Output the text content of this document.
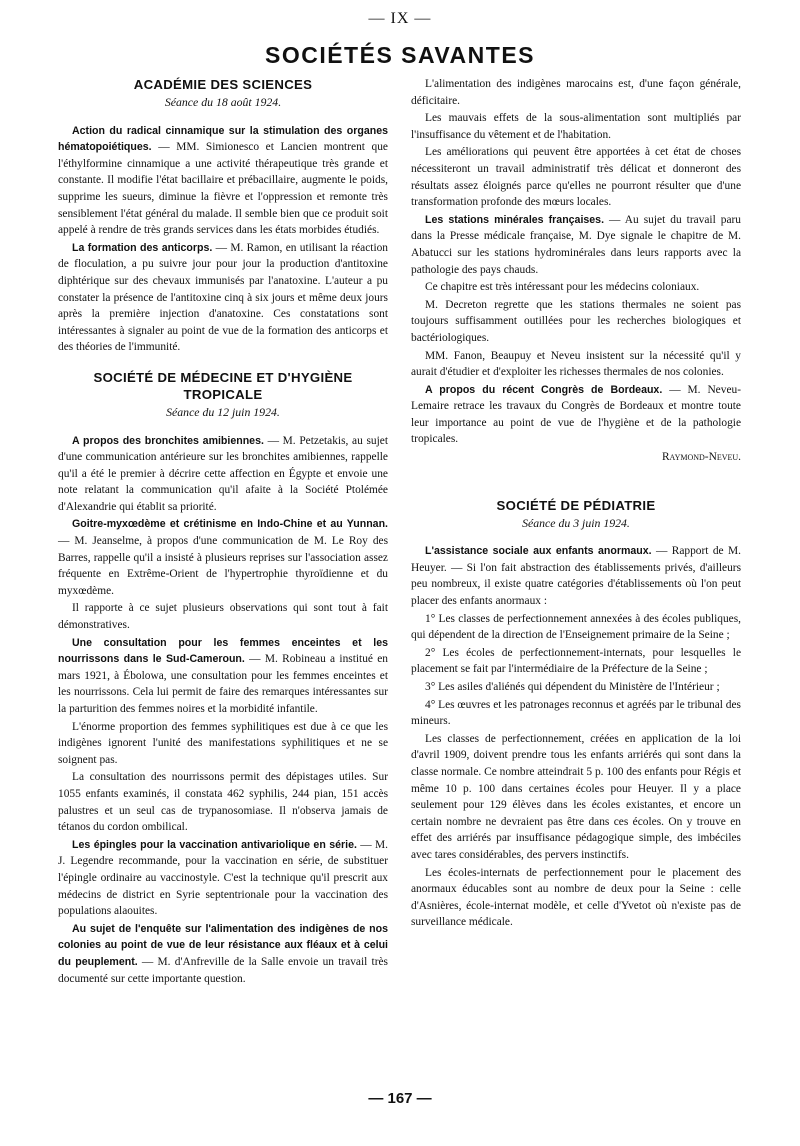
— IX —
SOCIÉTÉS SAVANTES
ACADÉMIE DES SCIENCES
Séance du 18 août 1924.

Action du radical cinnamique sur la stimulation des organes hématopoiétiques. — MM. Simionesco et Lancien montrent que l'éthylformine cinnamique a une activité thérapeutique très grande et constante. Il modifie l'état bacillaire et prébacillaire, augmente le poids, supprime les sueurs, diminue la fièvre et l'oppression et remonte très sensiblement l'état général du malade. Il semble bien que ce produit soit appelé à rendre de très grands services dans les états morbides étudiés.

La formation des anticorps. — M. Ramon, en utilisant la réaction de floculation, a pu suivre jour pour jour la production d'antitoxine diphtérique sur des chevaux immunisés par l'anatoxine. L'auteur a pu constater la présence de l'antitoxine cinq à six jours et même deux jours après la première injection d'anatoxine. Ces constatations sont intéressantes à signaler au point de vue de la formation des anticorps et des théories de l'immunité.

SOCIÉTÉ DE MÉDECINE ET D'HYGIÈNE TROPICALE
Séance du 12 juin 1924.

A propos des bronchites amibiennes. — M. Petzetakis, au sujet d'une communication antérieure sur les bronchites amibiennes, rappelle qu'il a été le premier à décrire cette affection en Égypte et envoie une note relatant la communication qu'il afaite à la Société Ptolémée d'Alexandrie qui établit sa priorité.

Goitre-myxœdème et crétinisme en Indo-Chine et au Yunnan. — M. Jeanselme, à propos d'une communication de M. Le Roy des Barres, rappelle qu'il a insisté à plusieurs reprises sur l'association assez fréquente en Extrême-Orient de l'hypertrophie thyroïdienne et du myxœdème.

Il rapporte à ce sujet plusieurs observations qui sont tout à fait démonstratives.

Une consultation pour les femmes enceintes et les nourrissons dans le Sud-Cameroun. — M. Robineau a institué en mars 1921, à Ébolowa, une consultation pour les femmes enceintes et les nourrissons. Cela lui permit de faire des remarques intéressantes sur la parturition des femmes noires et la morbidité infantile.

L'énorme proportion des femmes syphilitiques est due à ce que les indigènes ignorent l'unité des manifestations syphilitiques et ne se soignent pas.

La consultation des nourrissons permit des dépistages utiles. Sur 1055 enfants examinés, il constata 462 syphilis, 244 pian, 151 accès palustres et un seul cas de trypanosomiase. Il n'observa jamais de tétanos du cordon ombilical.

Les épingles pour la vaccination antivariolique en série. — M. J. Legendre recommande, pour la vaccination en série, de substituer l'épingle ordinaire au vaccinostyle. C'est la technique qu'il prescrit aux médecins de district en Syrie septentrionale pour la vaccination des populations alaouites.

Au sujet de l'enquête sur l'alimentation des indigènes de nos colonies au point de vue de leur résistance aux fléaux et à celui du peuplement. — M. d'Anfreville de la Salle envoie un travail très documenté sur cette importante question.

L'alimentation des indigènes marocains est, d'une façon générale, déficitaire.

Les mauvais effets de la sous-alimentation sont multipliés par l'insuffisance du vêtement et de l'habitation.

Les améliorations qui peuvent être apportées à cet état de choses nécessiteront un travail administratif très délicat et donneront des résultats assez éloignés parce qu'elles ne pourront résulter que d'une transformation profonde des mœurs locales.

Les stations minérales françaises. — Au sujet du travail paru dans la Presse médicale française, M. Dye signale le chapitre de M. Abatucci sur les stations hydrominérales dans leurs rapports avec la pathologie des pays chauds.

Ce chapitre est très intéressant pour les médecins coloniaux.

M. Decreton regrette que les stations thermales ne soient pas toujours suffisamment outillées pour les recherches biologiques et bactériologiques.

MM. Fanon, Beaupuy et Neveu insistent sur la nécessité qu'il y aurait d'étudier et d'exploiter les richesses thermales de nos colonies.

A propos du récent Congrès de Bordeaux. — M. Neveu-Lemaire retrace les travaux du Congrès de Bordeaux et montre toute leur importance au point de vue de l'hygiène et de la pathologie tropicales.

Raymond-Neveu.

SOCIÉTÉ DE PÉDIATRIE
Séance du 3 juin 1924.

L'assistance sociale aux enfants anormaux. — Rapport de M. Heuyer. — Si l'on fait abstraction des établissements privés, d'ailleurs peu nombreux, il existe quatre catégories d'établissements où l'on peut placer des enfants anormaux :

1° Les classes de perfectionnement annexées à des écoles publiques, qui dépendent de la direction de l'Enseignement primaire de la Seine ;

2° Les écoles de perfectionnement-internats, pour lesquelles le placement se fait par l'intermédiaire de la Préfecture de la Seine ;

3° Les asiles d'aliénés qui dépendent du Ministère de l'Intérieur ;

4° Les œuvres et les patronages reconnus et agréés par le tribunal des mineurs.

Les classes de perfectionnement, créées en application de la loi d'avril 1909, doivent prendre tous les enfants arriérés qui sont dans la classe normale. Ce nombre atteindrait 5 p. 100 des enfants pour Régis et même 10 p. 100 dans certaines écoles pour Heuyer. Il y a place seulement pour 129 élèves dans les écoles existantes, et encore un certain nombre ne devraient pas être dans ces écoles. On y trouve en effet des arriérés par insuffisance pédagogique simple, des imbéciles avec tares considérables, des pervers instinctifs.

Les écoles-internats de perfectionnement pour le placement des anormaux éducables sont au nombre de deux pour la Seine : celle d'Asnières, école-internat modèle, et celle d'Yvetot où n'existe pas de surveillance médicale.

— 167 —
